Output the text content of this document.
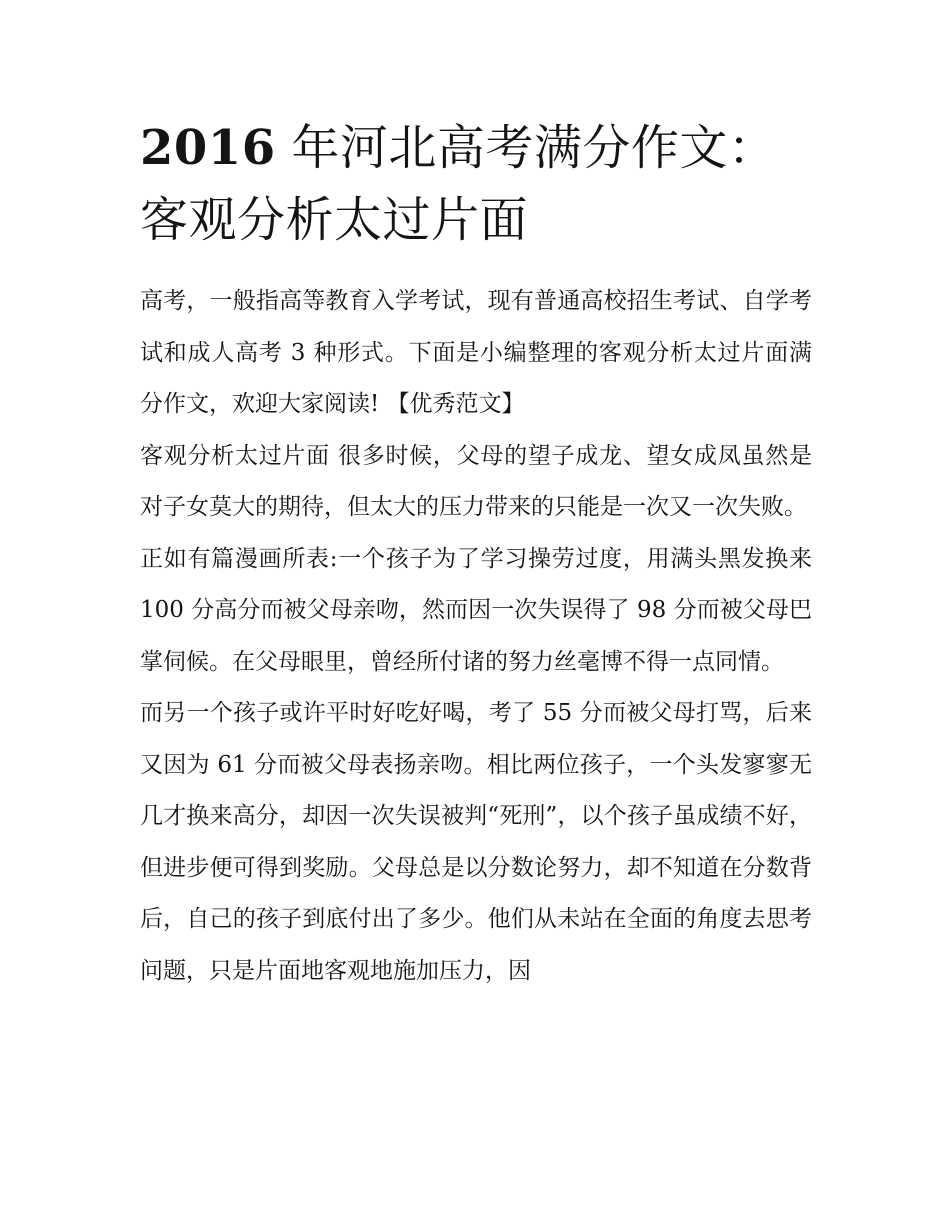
2016 年河北高考满分作文：客观分析太过片面

高考，一般指高等教育入学考试，现有普通高校招生考试、自学考试和成人高考 3 种形式。下面是小编整理的客观分析太过片面满分作文，欢迎大家阅读! 【优秀范文】

客观分析太过片面 很多时候，父母的望子成龙、望女成凤虽然是对子女莫大的期待，但太大的压力带来的只能是一次又一次失败。

正如有篇漫画所表:一个孩子为了学习操劳过度，用满头黑发换来 100 分高分而被父母亲吻，然而因一次失误得了 98 分而被父母巴掌伺候。在父母眼里，曾经所付诸的努力丝毫博不得一点同情。

而另一个孩子或许平时好吃好喝，考了 55 分而被父母打骂，后来又因为 61 分而被父母表扬亲吻。相比两位孩子，一个头发寥寥无几才换来高分，却因一次失误被判“死刑”，以个孩子虽成绩不好，但进步便可得到奖励。父母总是以分数论努力，却不知道在分数背后，自己的孩子到底付出了多少。他们从未站在全面的角度去思考问题，只是片面地客观地施加压力，因
